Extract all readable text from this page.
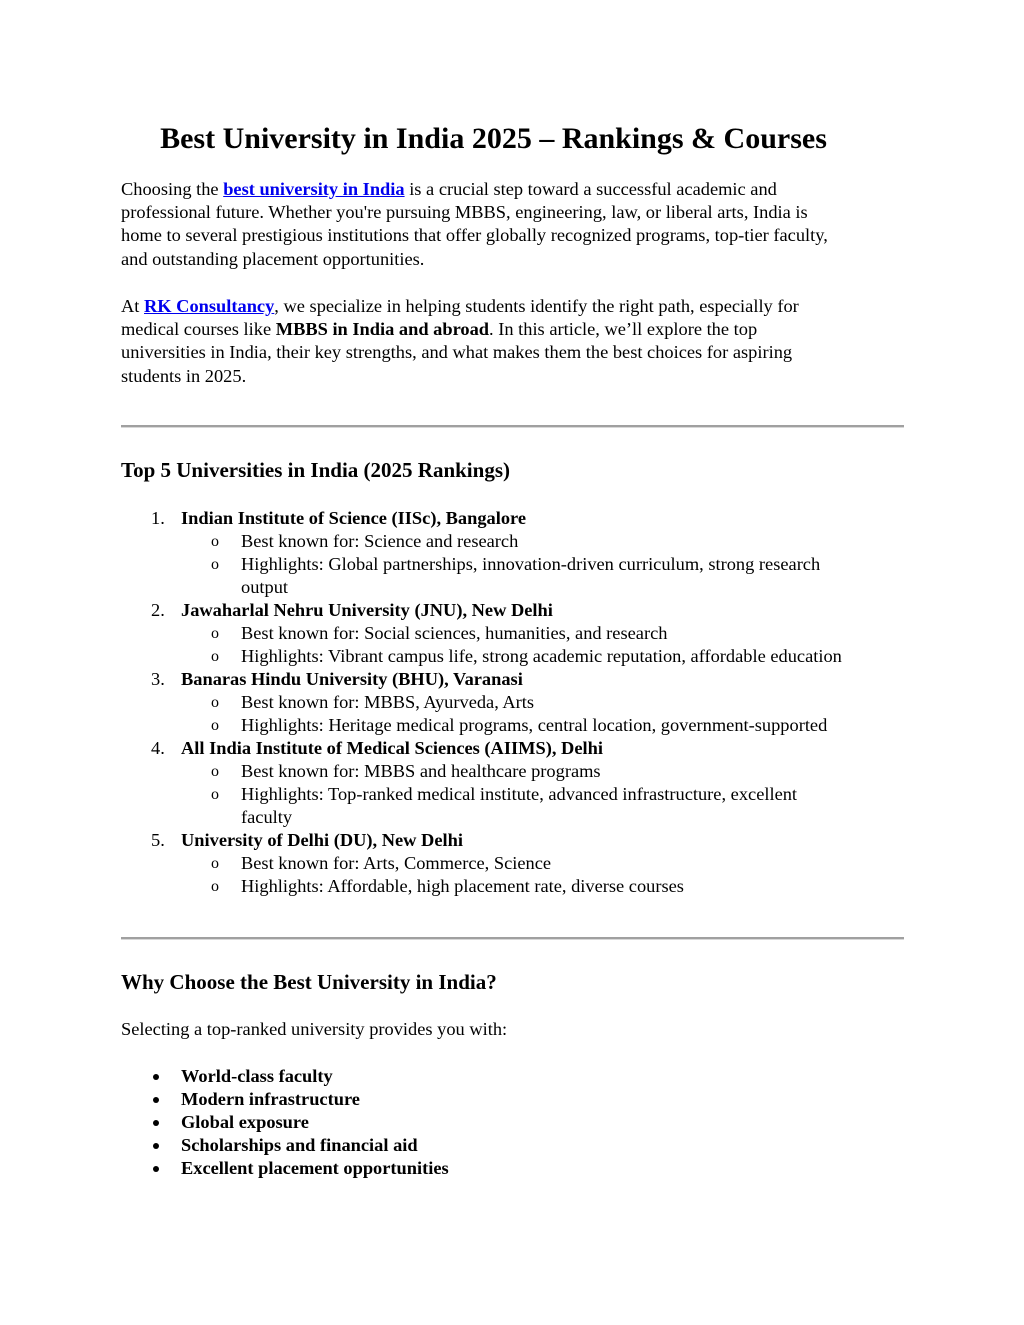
Best University in India 2025 – Rankings & Courses
Choosing the best university in India is a crucial step toward a successful academic and
professional future. Whether you're pursuing MBBS, engineering, law, or liberal arts, India is
home to several prestigious institutions that offer globally recognized programs, top-tier faculty,
and outstanding placement opportunities.
At RK Consultancy, we specialize in helping students identify the right path, especially for
medical courses like MBBS in India and abroad. In this article, we’ll explore the top
universities in India, their key strengths, and what makes them the best choices for aspiring
students in 2025.
Top 5 Universities in India (2025 Rankings)
1. Indian Institute of Science (IISc), Bangalore
o Best known for: Science and research
o Highlights: Global partnerships, innovation-driven curriculum, strong research
output
2. Jawaharlal Nehru University (JNU), New Delhi
o Best known for: Social sciences, humanities, and research
o Highlights: Vibrant campus life, strong academic reputation, affordable education
3. Banaras Hindu University (BHU), Varanasi
o Best known for: MBBS, Ayurveda, Arts
o Highlights: Heritage medical programs, central location, government-supported
4. All India Institute of Medical Sciences (AIIMS), Delhi
o Best known for: MBBS and healthcare programs
o Highlights: Top-ranked medical institute, advanced infrastructure, excellent
faculty
5. University of Delhi (DU), New Delhi
o Best known for: Arts, Commerce, Science
o Highlights: Affordable, high placement rate, diverse courses
Why Choose the Best University in India?
Selecting a top-ranked university provides you with:
World-class faculty
Modern infrastructure
Global exposure
Scholarships and financial aid
Excellent placement opportunities
